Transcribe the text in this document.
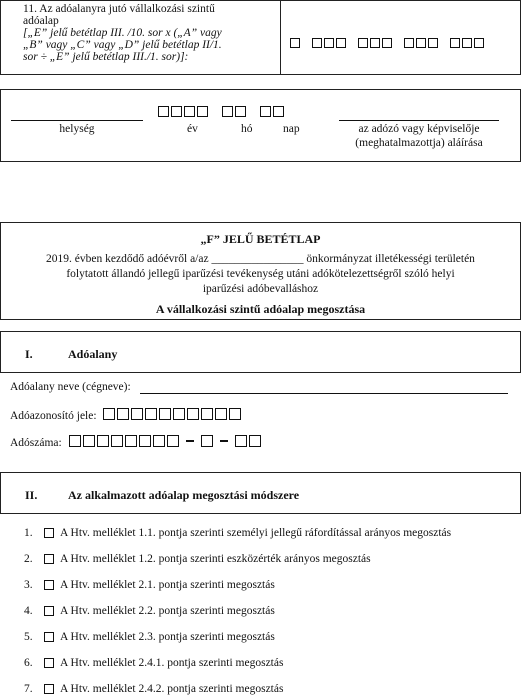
11. Az adóalanyra jutó vállalkozási szintű
adóalap
[„E” jelű betétlap III. /10. sor x („A” vagy
„B” vagy „C” vagy „D” jelű betétlap II/1.
sor ÷ „E” jelű betétlap III./1. sor)]:

helység
	év	hó	nap	az adózó vagy képviselője
(meghatalmazottja) aláírása
„F” JELŰ BETÉTLAP
2019. évben kezdődő adóévről a/az ________________ önkormányzat illetékességi területén
folytatott állandó jellegű iparűzési tevékenység utáni adókötelezettségről szóló helyi
iparűzési adóbevalláshoz
A vállalkozási szintű adóalap megosztása
I.	Adóalany
Adóalany neve (cégneve):
Adóazonosító jele:
Adószáma:

II.	Az alkalmazott adóalap megosztási módszere
1. A Htv. melléklet 1.1. pontja szerinti személyi jellegű ráfordítással arányos megosztás
2. A Htv. melléklet 1.2. pontja szerinti eszközérték arányos megosztás
3. A Htv. melléklet 2.1. pontja szerinti megosztás
4. A Htv. melléklet 2.2. pontja szerinti megosztás
5. A Htv. melléklet 2.3. pontja szerinti megosztás
6. A Htv. melléklet 2.4.1. pontja szerinti megosztás
7. A Htv. melléklet 2.4.2. pontja szerinti megosztás
